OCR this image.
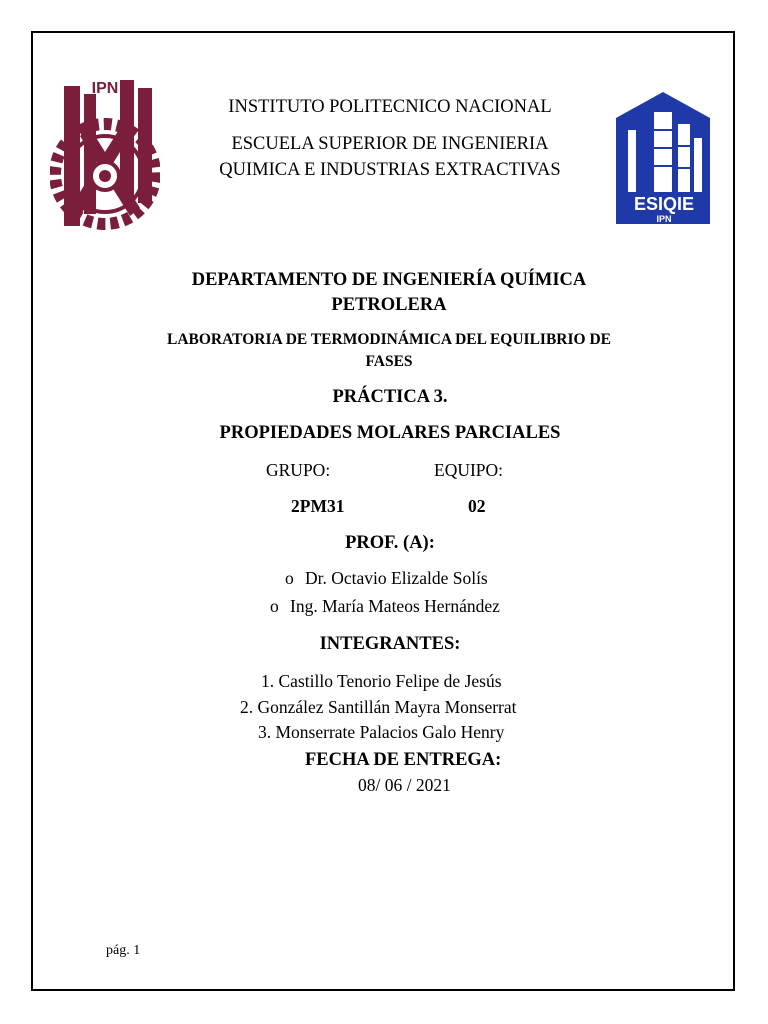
IPN
ESIQIE
IPN
INSTITUTO POLITECNICO NACIONAL
ESCUELA SUPERIOR DE INGENIERIA
QUIMICA E INDUSTRIAS EXTRACTIVAS
DEPARTAMENTO DE INGENIERÍA QUÍMICA
PETROLERA
LABORATORIA DE TERMODINÁMICA DEL EQUILIBRIO DE
FASES
PRÁCTICA 3.
PROPIEDADES MOLARES PARCIALES
GRUPO:	EQUIPO:
2PM31	02
PROF. (A):
o Dr. Octavio Elizalde Solís
o Ing. María Mateos Hernández
INTEGRANTES:
1. Castillo Tenorio Felipe de Jesús
2. González Santillán Mayra Monserrat
3. Monserrate Palacios Galo Henry
FECHA DE ENTREGA:
08/ 06 / 2021
pág. 1
